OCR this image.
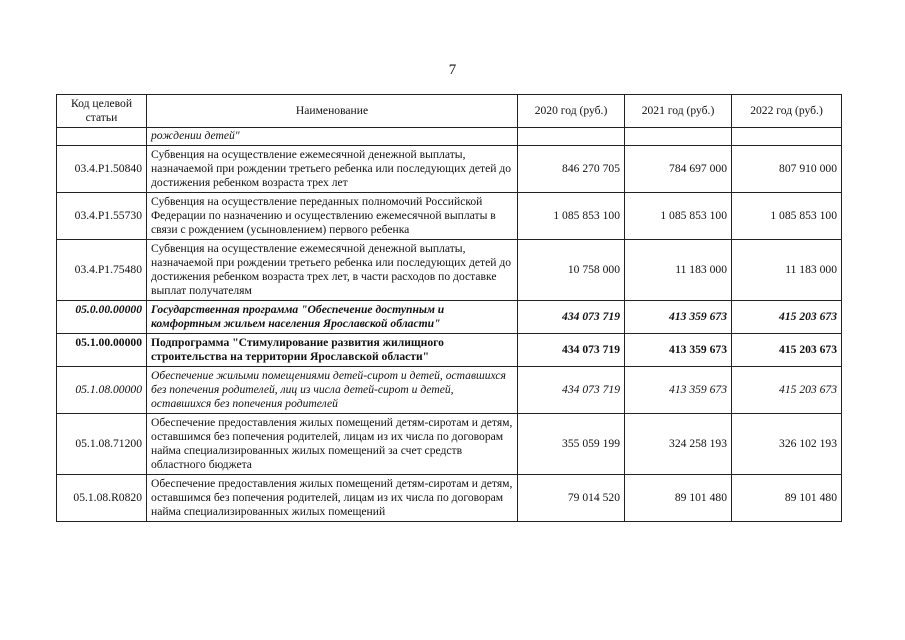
7
Код целевой статьи	Наименование	2020 год (руб.)	2021 год (руб.)	2022 год (руб.)
	рождении детей"			
03.4.P1.50840	Субвенция на осуществление ежемесячной денежной выплаты, назначаемой при рождении третьего ребенка или последующих детей до достижения ребенком возраста трех лет	846 270 705	784 697 000	807 910 000
03.4.P1.55730	Субвенция на осуществление переданных полномочий Российской Федерации по назначению и осуществлению ежемесячной выплаты в связи с рождением (усыновлением) первого ребенка	1 085 853 100	1 085 853 100	1 085 853 100
03.4.P1.75480	Субвенция на осуществление ежемесячной денежной выплаты, назначаемой при рождении третьего ребенка или последующих детей до достижения ребенком возраста трех лет, в части расходов по доставке выплат получателям	10 758 000	11 183 000	11 183 000
05.0.00.00000	Государственная программа "Обеспечение доступным и комфортным жильем населения Ярославской области"	434 073 719	413 359 673	415 203 673
05.1.00.00000	Подпрограмма "Стимулирование развития жилищного строительства на территории Ярославской области"	434 073 719	413 359 673	415 203 673
05.1.08.00000	Обеспечение жилыми помещениями детей-сирот и детей, оставшихся без попечения родителей, лиц из числа детей-сирот и детей, оставшихся без попечения родителей	434 073 719	413 359 673	415 203 673
05.1.08.71200	Обеспечение предоставления жилых помещений детям-сиротам и детям, оставшимся без попечения родителей, лицам из их числа по договорам найма специализированных жилых помещений за счет средств областного бюджета	355 059 199	324 258 193	326 102 193
05.1.08.R0820	Обеспечение предоставления жилых помещений детям-сиротам и детям, оставшимся без попечения родителей, лицам из их числа по договорам найма специализированных жилых помещений	79 014 520	89 101 480	89 101 480
